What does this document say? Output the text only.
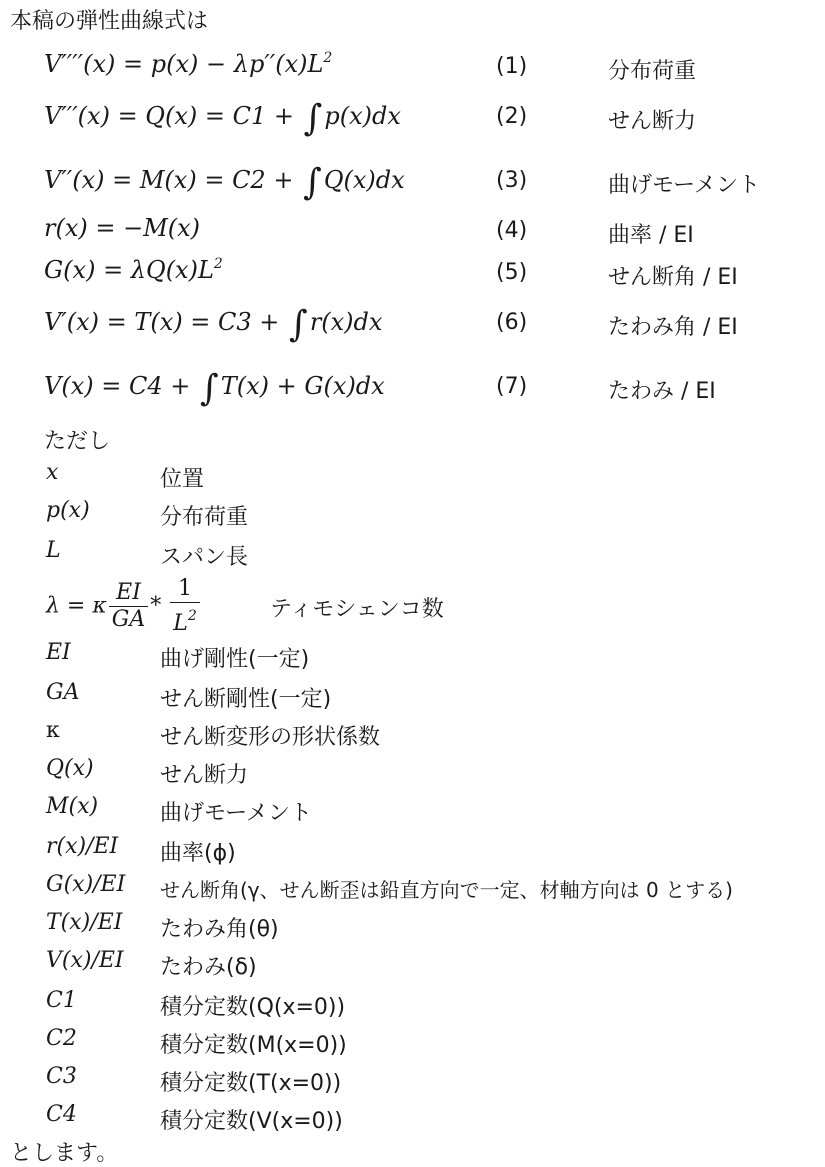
本稿の弾性曲線式は
$V''''(x) = p(x) - \lambda p''(x)L^2$
V′′′(x) = Q(x) = C1 + ∫p(x)dx
V′′(x) = M(x) = C2 + ∫Q(x)dx
r(x) = −M(x)
$G(x) = \lambda Q(x)L^2$
V′(x) = T(x) = C3 + ∫r(x)dx
V(x) = C4 + ∫T(x) + G(x)dx
(1)
(2)
(3)
(4)
(5)
(6)
(7)
分布荷重
せん断力
曲げモーメント
曲率 / EI
せん断角 / EI
たわみ角 / EI
たわみ / EI
ただし
x
p(x)
L
λ = κ $\frac{EI}{GA} * \frac{1}{L^2}$
EI
GA
κ
Q(x)
M(x)
r(x)/EI
G(x)/EI
T(x)/EI
V(x)/EI
C1
C2
C3
C4
位置
分布荷重
スパン長
ティモシェンコ数
曲げ剛性(一定)
せん断剛性(一定)
せん断変形の形状係数
せん断力
曲げモーメント
曲率(ϕ)
せん断角(γ、せん断歪は鉛直方向で一定、材軸方向は 0 とする)
たわみ角(θ)
たわみ(δ)
積分定数(Q(x=0))
積分定数(M(x=0))
積分定数(T(x=0))
積分定数(V(x=0))
とします。
